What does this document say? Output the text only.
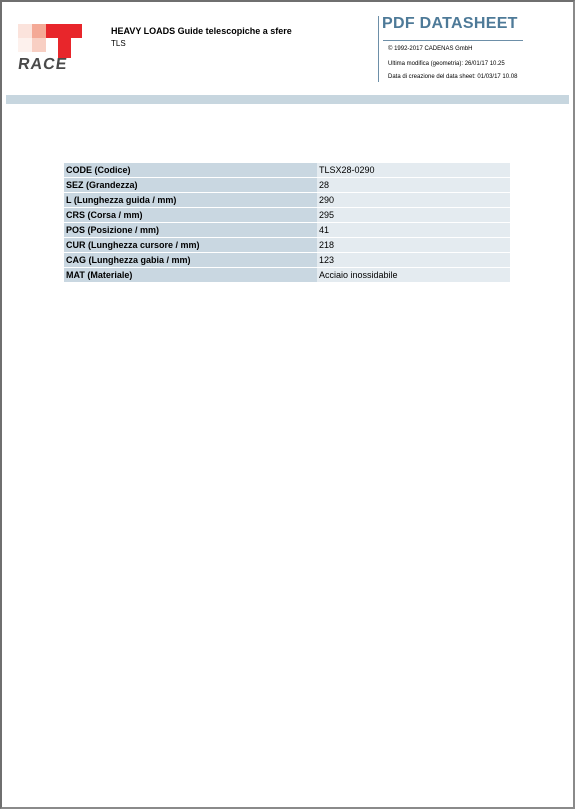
RACE
HEAVY LOADS Guide telescopiche a sfere
TLS
PDF DATASHEET
© 1992-2017 CADENAS GmbH
Ultima modifica (geometria): 26/01/17 10.25
Data di creazione del data sheet: 01/03/17 10.08
CODE (Codice)	TLSX28-0290
SEZ (Grandezza)	28
L (Lunghezza guida / mm)	290
CRS (Corsa / mm)	295
POS (Posizione / mm)	41
CUR (Lunghezza cursore / mm)	218
CAG (Lunghezza gabia / mm)	123
MAT (Materiale)	Acciaio inossidabile
